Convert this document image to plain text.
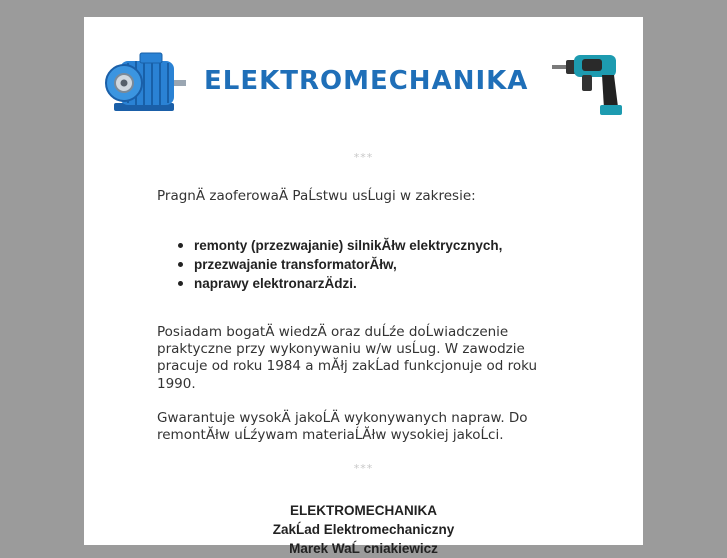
ELEKTROMECHANIKA
***
PragnÄ zaoferowaÄ PaĹstwu usĹugi w zakresie:
remonty (przezwajanie) silnikĂłw elektrycznych,
przezwajanie transformatorĂłw,
naprawy elektronarzÄdzi.
Posiadam bogatÄ wiedzÄ oraz duĹźe doĹwiadczenie praktyczne przy wykonywaniu w/w usĹug. W zawodzie pracuje od roku 1984 a mĂłj zakĹad funkcjonuje od roku 1990.
Gwarantuje wysokÄ jakoĹÄ wykonywanych napraw. Do remontĂłw uĹźywam materiaĹĂłw wysokiej jakoĹci.
***
ELEKTROMECHANIKA
ZakĹad Elektromechaniczny
Marek WaĹ cniakiewicz
